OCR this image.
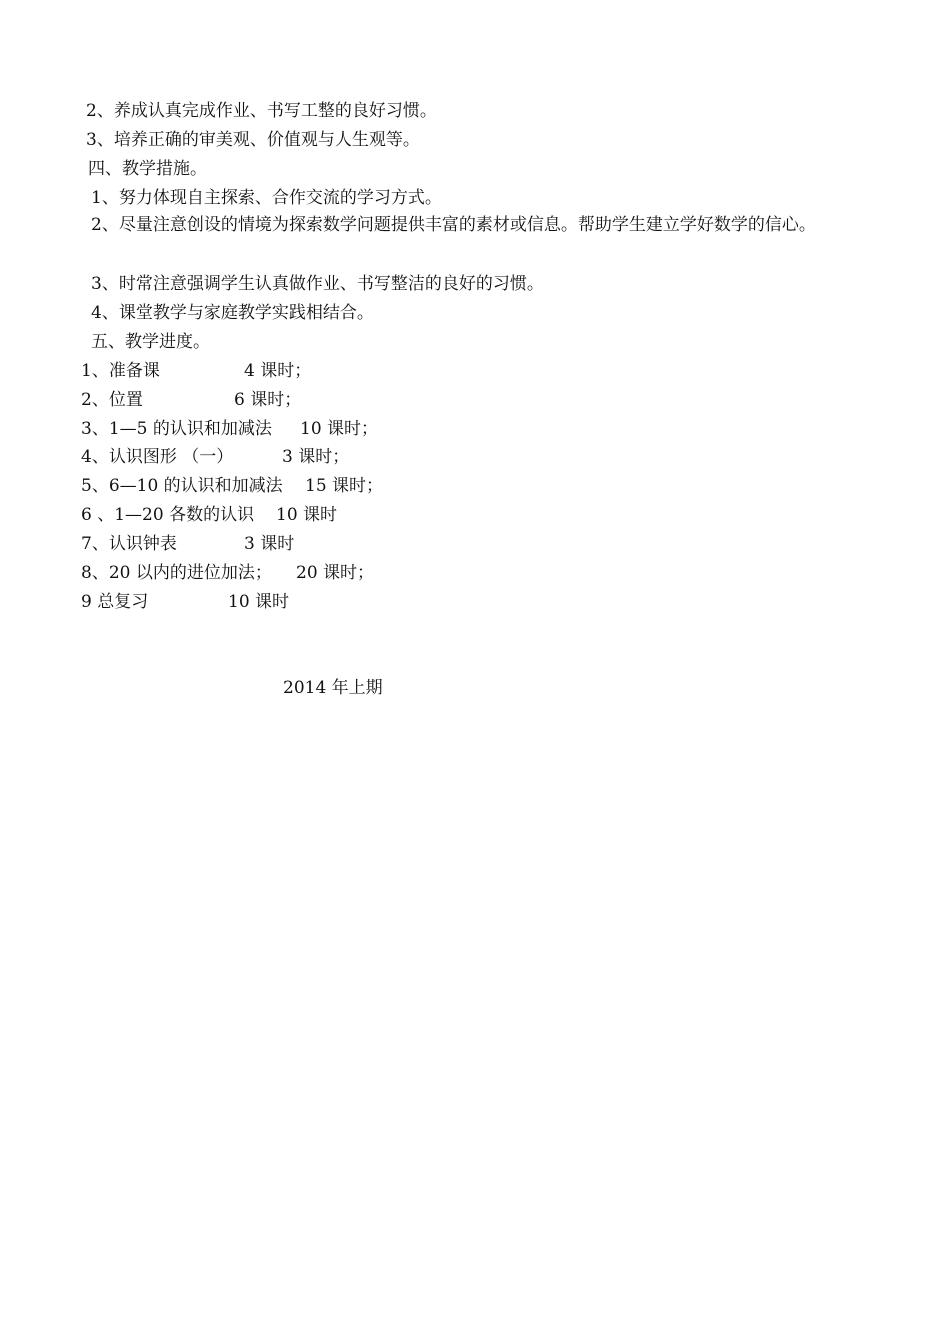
2、养成认真完成作业、书写工整的良好习惯。
3、培养正确的审美观、价值观与人生观等。
四、教学措施。
1、努力体现自主探索、合作交流的学习方式。
2、尽量注意创设的情境为探索数学问题提供丰富的素材或信息。帮助学生建立学好数学的信心。
3、时常注意强调学生认真做作业、书写整洁的良好的习惯。
4、课堂教学与家庭教学实践相结合。
五、教学进度。
1、准备课	4 课时；
2、位置	6 课时；
3、1—5 的认识和加减法 10 课时；
4、认识图形 （一）	3 课时；
5、6—10 的认识和加减法 15 课时；
6 、1—20 各数的认识 10 课时
7、认识钟表	3 课时
8、20 以内的进位加法； 20 课时；
9 总复习	10 课时
2014 年上期
